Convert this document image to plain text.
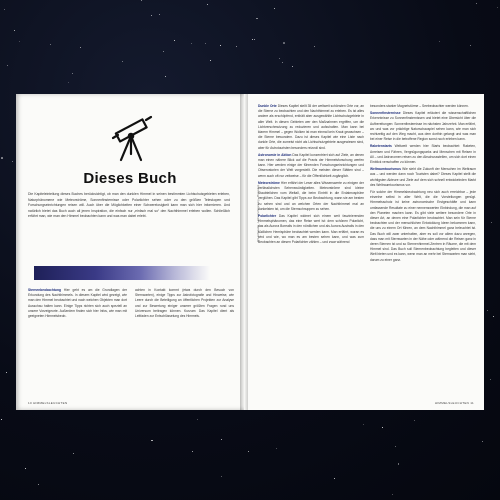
Dieses Buch

Die Kapiteleinteilung dieses Buches berücksichtigt, ob man den dunklen Himmel in seinen bestimmten Lichtschutzgebieten erleben, Naturphänomene wie Meteorströme, Sonnenfinsternisse oder Polarlichter sehen oder zu den größten Teleskopen und Forschungseinrichtungen reisen will. Auch über die Möglichkeiten einer Schwerelosigkeit kann man sich hier informieren. Und natürlich bietet das Buch auch all jenen Inspiration, die einfach nur „einfach mal so“ den Nachthimmel erleben wollen. Schließlich erfährt man, wie man den Himmel beobachten kann und was man dabei erlebt.

Sternenbeobachtung Hier geht es um die Grundlagen der Erkundung des Nachthimmels. In diesem Kapitel wird gezeigt, wie man den Himmel beobachtet und nach welchen Objekten man dort Ausschau halten kann. Einige Tipps richten sich auch speziell an unsere Vorzeigeorte. Außerdem finden sich hier Infos, wie man mit geeigneten Himmelsbeob-

achten in Kontakt kommt (etwa durch den Besuch von Sternwarten), einige Tipps zur Astrofotografie und Hinweise, wie Leere durch die Beteiligung an öffentlichen Projekten zur Analyse und zur Bewertung einiger unserer größten Fragen rund uns Universum beitragen können. Kurzum: Das Kapitel dient als Leitfaden zur Entschlüsselung des Himmels.

10 HIMMELSLEUCHTEN
ISS Lichtquelle · Lichtverschmutzung · Photoshop

Dunkle Orte Dieses Kapitel stellt 35 der weltweit schönsten Orte vor, an die Sterne zu beobachten und den Nachthimmel zu erleben. Es ist alles andere als erschöpfend, enthält aber ausgewählte Lichtschutzgebiete in aller Welt. In diesen Gebieten wer den Maßnahmen ergriffen, um die Lichtverschmutzung zu reduzieren und aufzuhalten. Man kann bei klarem Himmel – gegen Wolken ist man einmal kein Kraut gewachsen – die Sterne bewundern. Dazu ist dieses Kapitel wie eine Liste nach dunkle Orte, die zumeist nicht als Lichtschutzgebiete ausgewiesen sind, aber für Astrotouristen besonders reizvoll sind.

Astronomie in Aktion Das Kapitel konzentriert sich auf Ziele, an denen man einen nähere Blick auf die Praxis der Himmelsforschung werfen kann. Hier werden einige der führenden Forschungseinrichtungen und Observatorien der Welt vorgestellt. Die meisten dieser Stätten sind – wenn auch oft nur zeitweise – für die Öffentlichkeit zugänglich.

Meteorströme Hier erfährt der Leser alles Wissenswerte zu einigen der verlässlichsten Sehenswürdigkeiten. Meteorströme sind kleine Staubteilchen vom Weltall, die beim Eintritt in die Erdatmosphäre verglühen. Das Kapitel gibt Tipps zur Beobachtung, wann sie am besten zu sehen sind und an welchen Orten der Nachthimmel mal an dunkelsten ist, um die Sternschnuppen zu sehen.

Polarlichter Das Kapitel widmet sich einem weit faszinierenden Himmelsphänomen, das eine Reise wert ist: dem schönen Polarlicht, das als Aurora Borealis in den nördlichen und als Aurora Australis in den südlichen Hemisphäre beobachtet werden kann. Man erfährt, woran es wird und wie, wo man es am besten sehen kann, und was zum Beobachten an diesen Polarlichter zählen – und zwar während

besonders starker Magnetstürme – Seebeobachter werden können.

Sonnenfinsternisse Dieses Kapitel erläutert die wissenschaftlichen Erkenntnisse zu Sonnenfinsternissen und bietet eine Übersicht über die Aufbereitungen: Sonnenfinsternisse im nächsten Jahrzehnt. Man erfährt, wo und was vor prächtige Naturschauspiel sehen kann, wie man sich rechtzeitig auf den Weg macht, aus dem dorthin gelangt und was man bei einer Reise in die betroffene Region sonst noch erleben kann.

Raketenstarts Weltweit werden hier Starts beobachtet: Raketen, Anreisen und Fähren, Vergnügungsparks und Menschen mit Reisen in All – und Astronomen reisen zu den Abschussstellen, um sich dort einen Einblick verschaffen zu können.

Weltraumtourismus Wie sieht die Zukunft der Menschen im Weltraum aus – und werden dann noch Touristen dabei? Dieses Kapitel stellt die wichtigsten Akteure und Ziele auf dem sich schnell entwickelnden Markt des Weltraumtourismus vor.

Für solche der Himmelsbeobachtung neu sich auch erreichbar – jede einzelne selbst in aller Welt, die die Vorstellungen genügt. Himmelsschutz ist keine astronomische Erstgeschäfte und kann umfassende Resultate zu einer nennenswerten Einbindung, die man auf den Planeten machen kann. Es gibt viele weitere besondere Orte in dieser Art, an denen eine Polarlichter beobachtet. Man sein für Sterne beobachten und der menschlichen Entwicklung Ideen bekommen kann, die uns zu einem Ort führen, an dem Nachthimmel ganz beleuchtet ist. Das Buch will zwar unterhalten, aber es soll vor allem dazu anregen, dass man mit Sternwarten in der Nähe oder während die Reisen ganz in deren Sternen ist und so Sternenhimmel-Zentren in Räume, die mit dem Himmel sind. Das Buch soll Sternenbeobachtung begleiten und dieser Welt bieten und es kann, wenn man an mehr bei Sternwarten man sieht, darum zu einer ganz.

HIMMELSLEUCHTEN 11
